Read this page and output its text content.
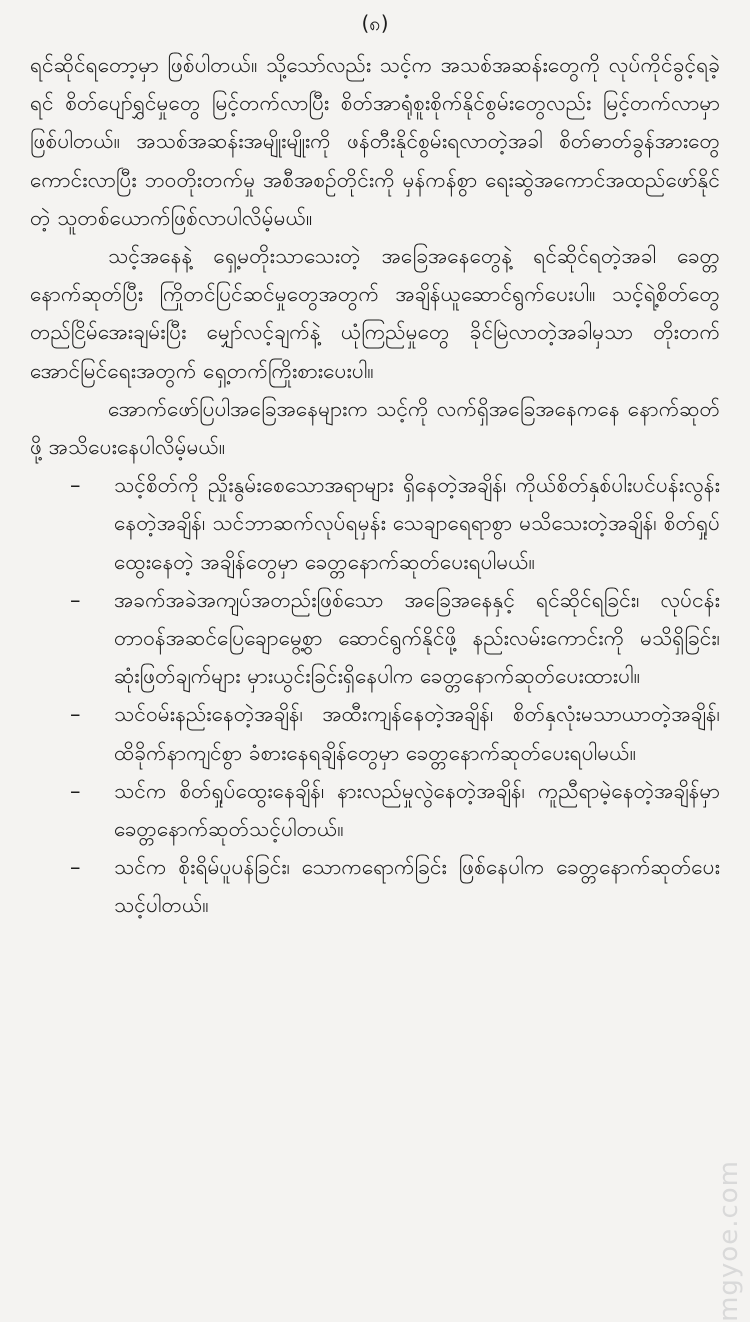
(၈)

ရင်ဆိုင်ရတော့မှာ ဖြစ်ပါတယ်။ သို့သော်လည်း သင့်က အသစ်အဆန်းတွေကို လုပ်ကိုင်ခွင့်ရခဲ့ရင် စိတ်ပျော်ရွှင်မှုတွေ မြင့်တက်လာပြီး စိတ်အာရုံစူးစိုက်နိုင်စွမ်းတွေလည်း မြင့်တက်လာမှာ ဖြစ်ပါတယ်။ အသစ်အဆန်းအမျိုးမျိုးကို ဖန်တီးနိုင်စွမ်းရလာတဲ့အခါ စိတ်ဓာတ်ခွန်အားတွေကောင်းလာပြီး ဘဝတိုးတက်မှု အစီအစဉ်တိုင်းကို မှန်ကန်စွာ ရေးဆွဲအကောင်အထည်ဖော်နိုင်တဲ့ သူတစ်ယောက်ဖြစ်လာပါလိမ့်မယ်။

သင့်အနေနဲ့ ရှေ့မတိုးသာသေးတဲ့ အခြေအနေတွေနဲ့ ရင်ဆိုင်ရတဲ့အခါ ခေတ္တနောက်ဆုတ်ပြီး ကြိုတင်ပြင်ဆင်မှုတွေအတွက် အချိန်ယူဆောင်ရွက်ပေးပါ။ သင့်ရဲ့စိတ်တွေ တည်ငြိမ်အေးချမ်းပြီး မျှော်လင့်ချက်နဲ့ ယုံကြည်မှုတွေ ခိုင်မြဲလာတဲ့အခါမှသာ တိုးတက်အောင်မြင်ရေးအတွက် ရှေ့တက်ကြိုးစားပေးပါ။

အောက်ဖော်ပြပါအခြေအနေများက သင့်ကို လက်ရှိအခြေအနေကနေ နောက်ဆုတ်ဖို့ အသိပေးနေပါလိမ့်မယ်။

– သင့်စိတ်ကို ညှိုးနွမ်းစေသောအရာများ ရှိနေတဲ့အချိန်၊ ကိုယ်စိတ်နှစ်ပါးပင်ပန်းလွန်းနေတဲ့အချိန်၊ သင်ဘာဆက်လုပ်ရမှန်း သေချာရေရာစွာ မသိသေးတဲ့အချိန်၊ စိတ်ရှုပ်ထွေးနေတဲ့ အချိန်တွေမှာ ခေတ္တနောက်ဆုတ်ပေးရပါမယ်။
– အခက်အခဲအကျပ်အတည်းဖြစ်သော အခြေအနေနှင့် ရင်ဆိုင်ရခြင်း၊ လုပ်ငန်းတာဝန်အဆင်ပြေချောမွေ့စွာ ဆောင်ရွက်နိုင်ဖို့ နည်းလမ်းကောင်းကို မသိရှိခြင်း၊ ဆုံးဖြတ်ချက်များ မှားယွင်းခြင်းရှိနေပါက ခေတ္တနောက်ဆုတ်ပေးထားပါ။
– သင်ဝမ်းနည်းနေတဲ့အချိန်၊ အထီးကျန်နေတဲ့အချိန်၊ စိတ်နှလုံးမသာယာတဲ့အချိန်၊ ထိခိုက်နာကျင်စွာ ခံစားနေရချိန်တွေမှာ ခေတ္တနောက်ဆုတ်ပေးရပါမယ်။
– သင်က စိတ်ရှုပ်ထွေးနေချိန်၊ နားလည်မှုလွဲနေတဲ့အချိန်၊ ကူညီရာမဲ့နေတဲ့အချိန်မှာ ခေတ္တနောက်ဆုတ်သင့်ပါတယ်။
– သင်က စိုးရိမ်ပူပန်ခြင်း၊ သောကရောက်ခြင်း ဖြစ်နေပါက ခေတ္တနောက်ဆုတ်ပေးသင့်ပါတယ်။
mgyoe.com
